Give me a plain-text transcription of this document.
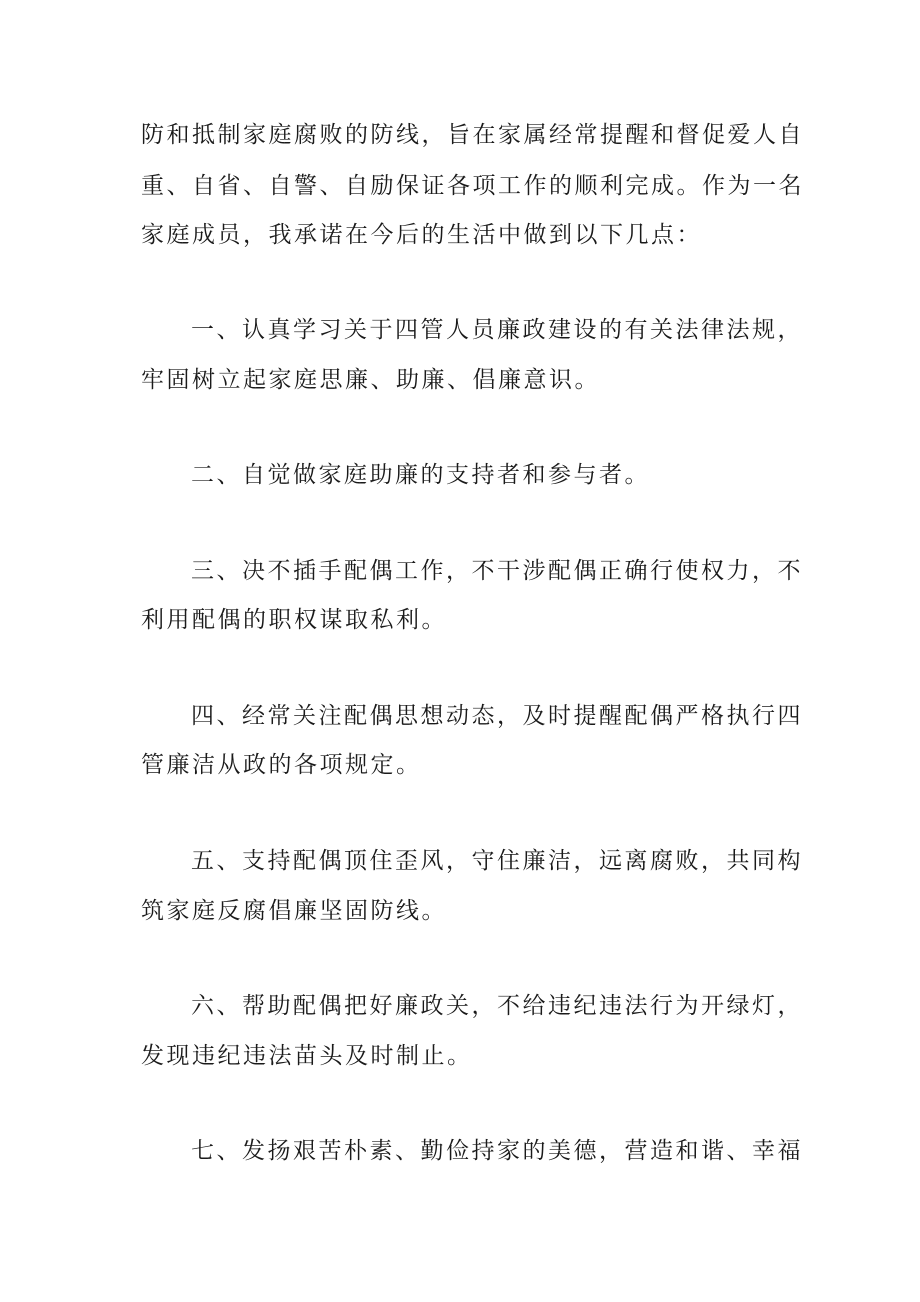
防和抵制家庭腐败的防线，旨在家属经常提醒和督促爱人自
重、自省、自警、自励保证各项工作的顺利完成。作为一名
家庭成员，我承诺在今后的生活中做到以下几点：
一、认真学习关于四管人员廉政建设的有关法律法规，
牢固树立起家庭思廉、助廉、倡廉意识。
二、自觉做家庭助廉的支持者和参与者。
三、决不插手配偶工作，不干涉配偶正确行使权力，不
利用配偶的职权谋取私利。
四、经常关注配偶思想动态，及时提醒配偶严格执行四
管廉洁从政的各项规定。
五、支持配偶顶住歪风，守住廉洁，远离腐败，共同构
筑家庭反腐倡廉坚固防线。
六、帮助配偶把好廉政关，不给违纪违法行为开绿灯，
发现违纪违法苗头及时制止。
七、发扬艰苦朴素、勤俭持家的美德，营造和谐、幸福
